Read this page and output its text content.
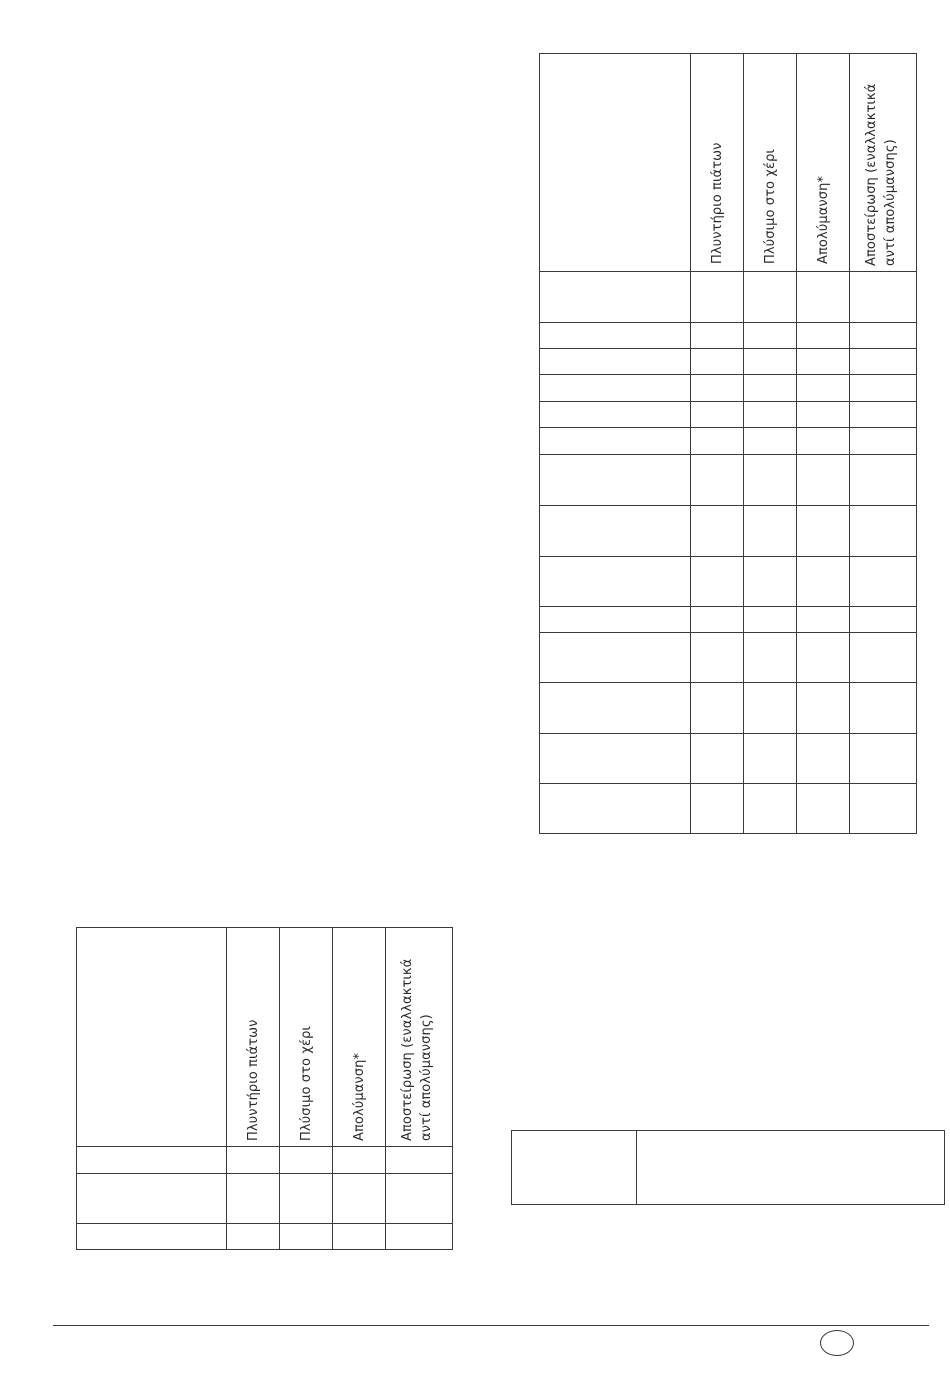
Πλυντήριο πιάτων	Πλύσιμο στο χέρι	Απολύμανση*	Αποστείρωση (εναλλακτικά αντί απολύμανσης)
Πλυντήριο πιάτων	Πλύσιμο στο χέρι	Απολύμανση*	Αποστείρωση (εναλλακτικά αντί απολύμανσης)
